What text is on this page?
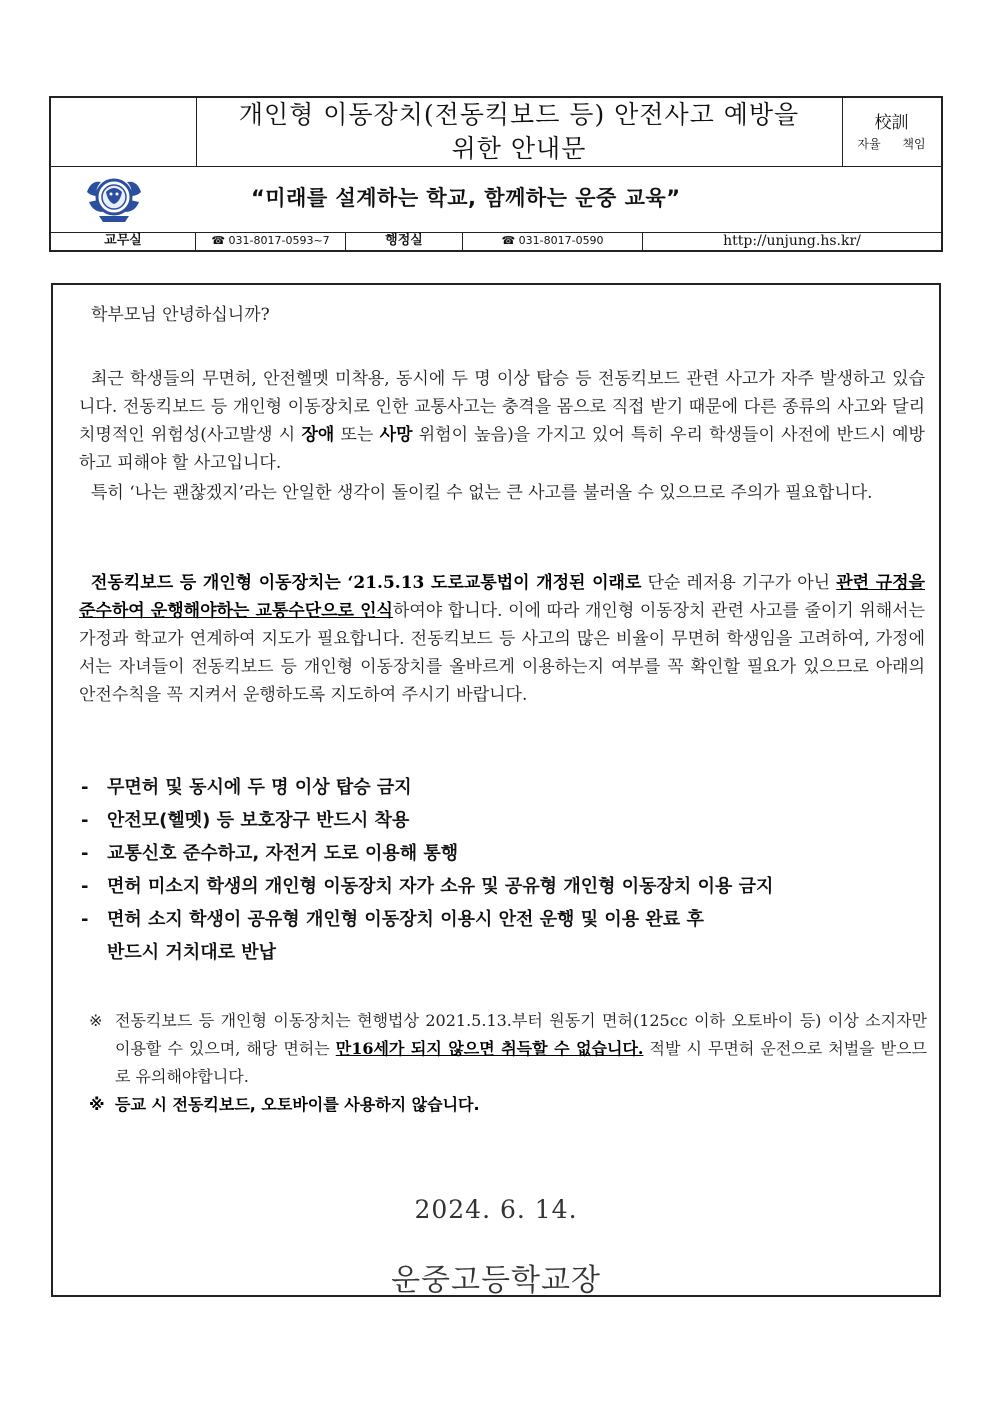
개인형 이동장치(전동킥보드 등) 안전사고 예방을
위한 안내문
校訓
자율 책임
“미래를 설계하는 학교, 함께하는 운중 교육”
교무실	☎ 031-8017-0593~7	행정실	☎ 031-8017-0590	http://unjung.hs.kr/
학부모님 안녕하십니까?
최근 학생들의 무면허, 안전헬멧 미착용, 동시에 두 명 이상 탑승 등 전동킥보드 관련 사고가 자주 발생하고 있습니다. 전동킥보드 등 개인형 이동장치로 인한 교통사고는 충격을 몸으로 직접 받기 때문에 다른 종류의 사고와 달리 치명적인 위험성(사고발생 시 장애 또는 사망 위험이 높음)을 가지고 있어 특히 우리 학생들이 사전에 반드시 예방하고 피해야 할 사고입니다.
특히 ‘나는 괜찮겠지’라는 안일한 생각이 돌이킬 수 없는 큰 사고를 불러올 수 있으므로 주의가 필요합니다.
전동킥보드 등 개인형 이동장치는 ‘21.5.13 도로교통법이 개정된 이래로 단순 레저용 기구가 아닌 관련 규정을 준수하여 운행해야하는 교통수단으로 인식하여야 합니다. 이에 따라 개인형 이동장치 관련 사고를 줄이기 위해서는 가정과 학교가 연계하여 지도가 필요합니다. 전동킥보드 등 사고의 많은 비율이 무면허 학생임을 고려하여, 가정에서는 자녀들이 전동킥보드 등 개인형 이동장치를 올바르게 이용하는지 여부를 꼭 확인할 필요가 있으므로 아래의 안전수칙을 꼭 지켜서 운행하도록 지도하여 주시기 바랍니다.
- 무면허 및 동시에 두 명 이상 탑승 금지
- 안전모(헬멧) 등 보호장구 반드시 착용
- 교통신호 준수하고, 자전거 도로 이용해 통행
- 면허 미소지 학생의 개인형 이동장치 자가 소유 및 공유형 개인형 이동장치 이용 금지
- 면허 소지 학생이 공유형 개인형 이동장치 이용시 안전 운행 및 이용 완료 후
반드시 거치대로 반납
※ 전동킥보드 등 개인형 이동장치는 현행법상 2021.5.13.부터 원동기 면허(125cc 이하 오토바이 등) 이상 소지자만 이용할 수 있으며, 해당 면허는 만16세가 되지 않으면 취득할 수 없습니다. 적발 시 무면허 운전으로 처벌을 받으므로 유의해야합니다.
※ 등교 시 전동킥보드, 오토바이를 사용하지 않습니다.
2024. 6. 14.
운중고등학교장
